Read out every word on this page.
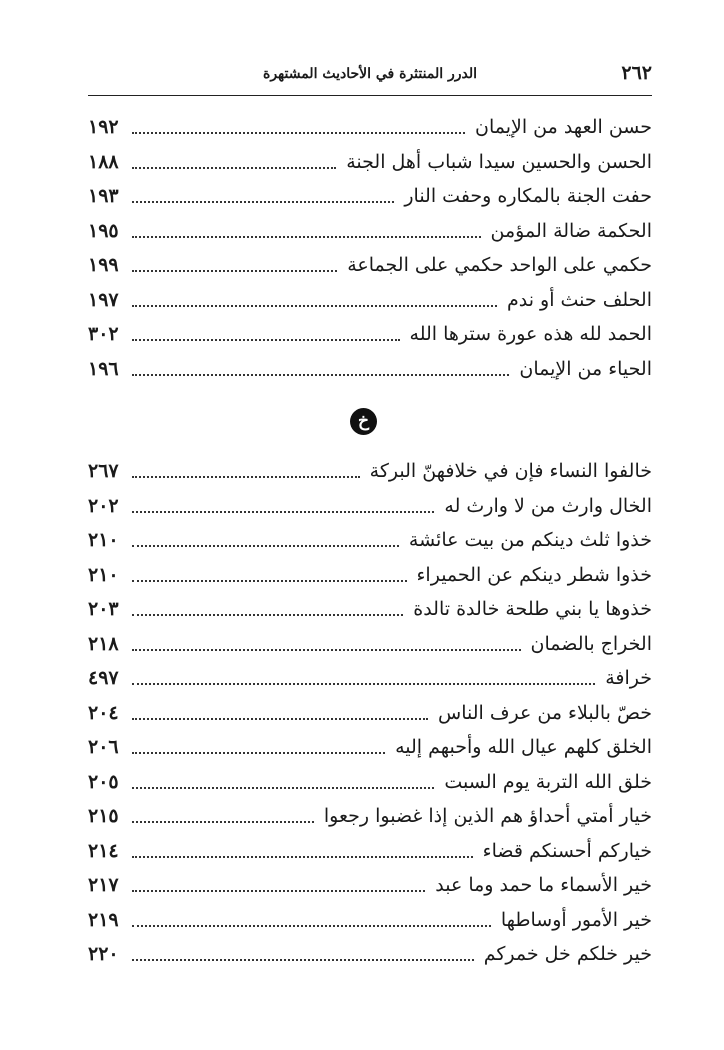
٢٦٢
الدرر المنتثرة في الأحاديث المشتهرة
حسن العهد من الإيمان
١٩٢
الحسن والحسين سيدا شباب أهل الجنة
١٨٨
حفت الجنة بالمكاره وحفت النار
١٩٣
الحكمة ضالة المؤمن
١٩٥
حكمي على الواحد حكمي على الجماعة
١٩٩
الحلف حنث أو ندم
١٩٧
الحمد لله هذه عورة سترها الله
٣٠٢
الحياء من الإيمان
١٩٦
خ
خالفوا النساء فإن في خلافهنّ البركة
٢٦٧
الخال وارث من لا وارث له
٢٠٢
خذوا ثلث دينكم من بيت عائشة
٢١٠
خذوا شطر دينكم عن الحميراء
٢١٠
خذوها يا بني طلحة خالدة تالدة
٢٠٣
الخراج بالضمان
٢١٨
خرافة
٤٩٧
خصّ بالبلاء من عرف الناس
٢٠٤
الخلق كلهم عيال الله وأحبهم إليه
٢٠٦
خلق الله التربة يوم السبت
٢٠٥
خيار أمتي أحداؤ هم الذين إذا غضبوا رجعوا
٢١٥
خياركم أحسنكم قضاء
٢١٤
خير الأسماء ما حمد وما عبد
٢١٧
خير الأمور أوساطها
٢١٩
خير خلكم خل خمركم
٢٢٠
